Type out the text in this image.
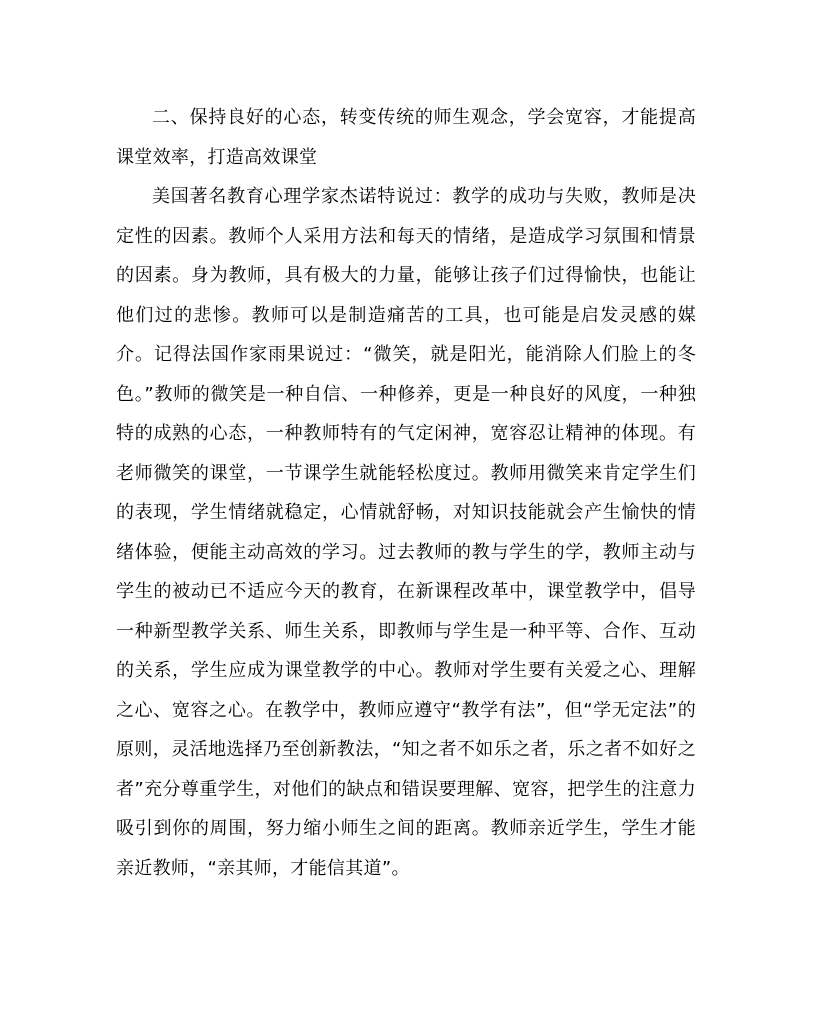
二、保持良好的心态，转变传统的师生观念，学会宽容，才能提高课堂效率，打造高效课堂

美国著名教育心理学家杰诺特说过：教学的成功与失败，教师是决定性的因素。教师个人采用方法和每天的情绪，是造成学习氛围和情景的因素。身为教师，具有极大的力量，能够让孩子们过得愉快，也能让他们过的悲惨。教师可以是制造痛苦的工具，也可能是启发灵感的媒介。记得法国作家雨果说过：“微笑，就是阳光，能消除人们脸上的冬色。”教师的微笑是一种自信、一种修养，更是一种良好的风度，一种独特的成熟的心态，一种教师特有的气定闲神，宽容忍让精神的体现。有老师微笑的课堂，一节课学生就能轻松度过。教师用微笑来肯定学生们的表现，学生情绪就稳定，心情就舒畅，对知识技能就会产生愉快的情绪体验，便能主动高效的学习。过去教师的教与学生的学，教师主动与学生的被动已不适应今天的教育，在新课程改革中，课堂教学中，倡导一种新型教学关系、师生关系，即教师与学生是一种平等、合作、互动的关系，学生应成为课堂教学的中心。教师对学生要有关爱之心、理解之心、宽容之心。在教学中，教师应遵守“教学有法”，但“学无定法”的原则，灵活地选择乃至创新教法，“知之者不如乐之者，乐之者不如好之者”充分尊重学生，对他们的缺点和错误要理解、宽容，把学生的注意力吸引到你的周围，努力缩小师生之间的距离。教师亲近学生，学生才能亲近教师，“亲其师，才能信其道”。
